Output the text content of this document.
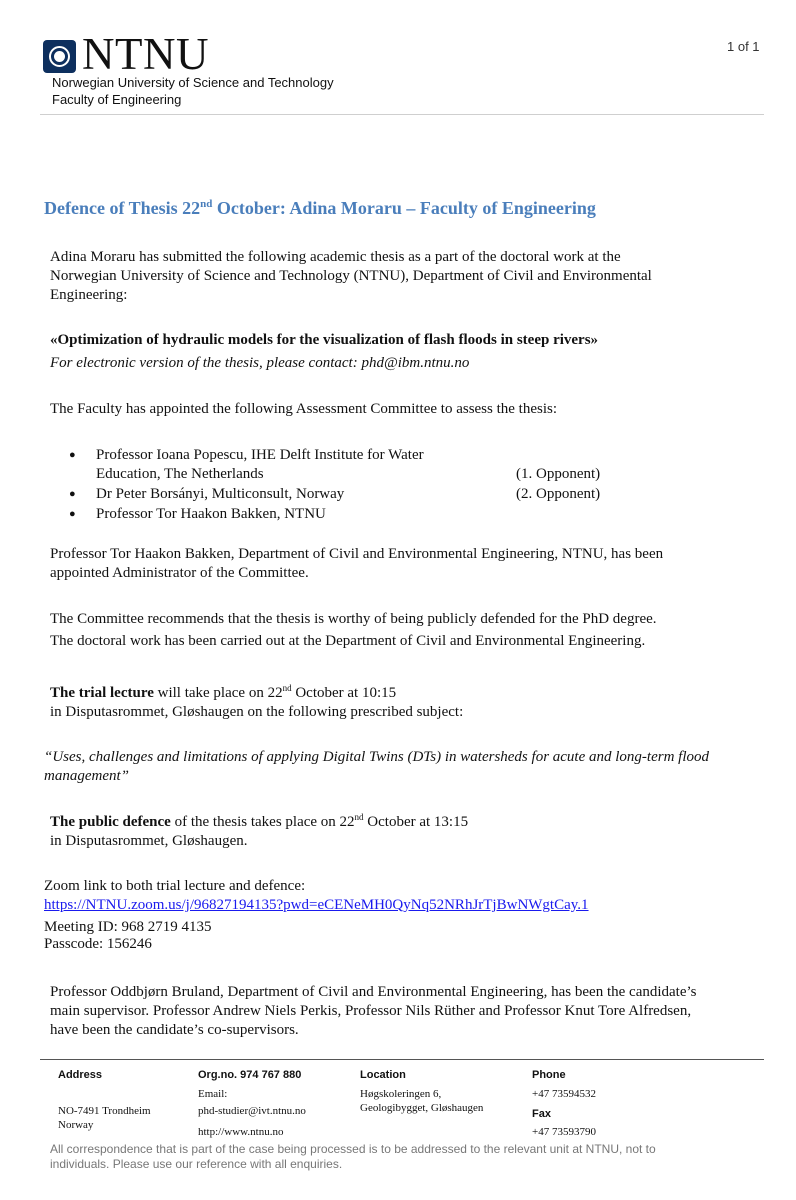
NTNU
Norwegian University of Science and Technology
Faculty of Engineering
1 of 1
Defence of Thesis 22nd October: Adina Moraru – Faculty of Engineering
Adina Moraru has submitted the following academic thesis as a part of the doctoral work at the
Norwegian University of Science and Technology (NTNU), Department of Civil and Environmental
Engineering:
«Optimization of hydraulic models for the visualization of flash floods in steep rivers»
For electronic version of the thesis, please contact: phd@ibm.ntnu.no
The Faculty has appointed the following Assessment Committee to assess the thesis:
● Professor Ioana Popescu, IHE Delft Institute for Water
Education, The Netherlands	(1. Opponent)
● Dr Peter Borsányi, Multiconsult, Norway	(2. Opponent)
● Professor Tor Haakon Bakken, NTNU
Professor Tor Haakon Bakken, Department of Civil and Environmental Engineering, NTNU, has been
appointed Administrator of the Committee.
The Committee recommends that the thesis is worthy of being publicly defended for the PhD degree.
The doctoral work has been carried out at the Department of Civil and Environmental Engineering.
The trial lecture will take place on 22nd October at 10:15
in Disputasrommet, Gløshaugen on the following prescribed subject:
“Uses, challenges and limitations of applying Digital Twins (DTs) in watersheds for acute and long-term flood
management”
The public defence of the thesis takes place on 22nd October at 13:15
in Disputasrommet, Gløshaugen.
Zoom link to both trial lecture and defence:
https://NTNU.zoom.us/j/96827194135?pwd=eCENeMH0QyNq52NRhJrTjBwNWgtCay.1
Meeting ID: 968 2719 4135
Passcode: 156246
Professor Oddbjørn Bruland, Department of Civil and Environmental Engineering, has been the candidate’s
main supervisor. Professor Andrew Niels Perkis, Professor Nils Rüther and Professor Knut Tore Alfredsen,
have been the candidate’s co-supervisors.
Address
NO-7491 Trondheim
Norway
Org.no. 974 767 880
Email:
phd-studier@ivt.ntnu.no
http://www.ntnu.no
Location
Høgskoleringen 6,
Geologibygget, Gløshaugen
Phone
+47 73594532
Fax
+47 73593790
All correspondence that is part of the case being processed is to be addressed to the relevant unit at NTNU, not to
individuals. Please use our reference with all enquiries.
